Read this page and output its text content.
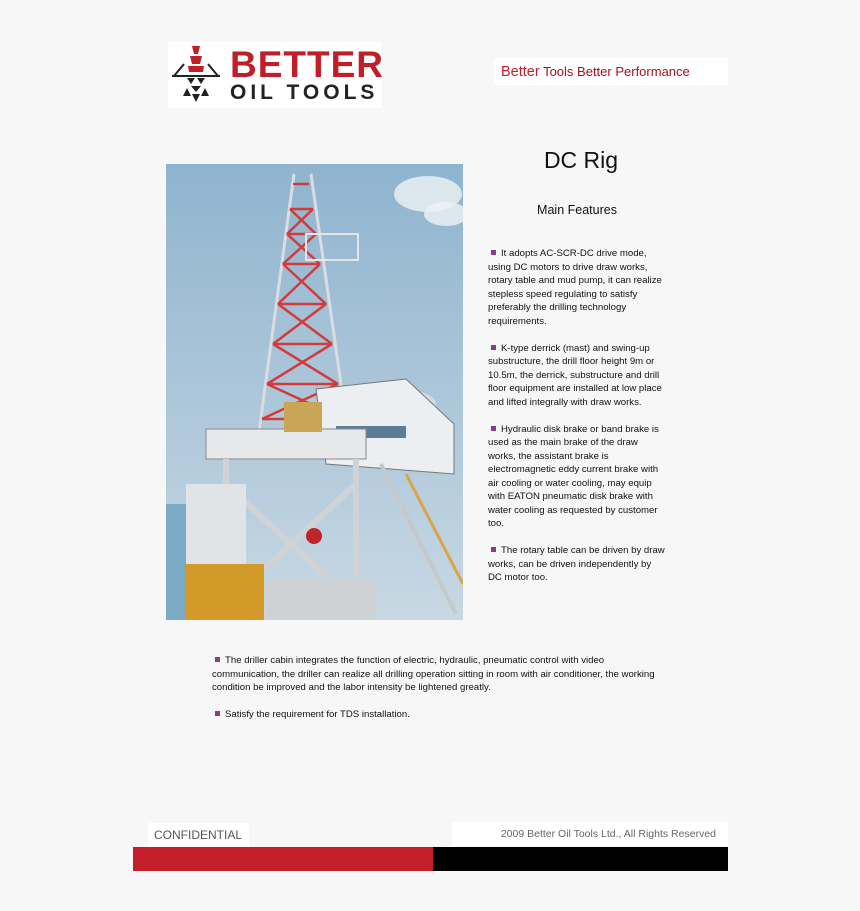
BETTER
OIL TOOLS
Better Tools Better Performance
DC Rig
Main Features

It adopts AC-SCR-DC drive mode, using DC motors to drive draw works, rotary table and mud pump, it can realize stepless speed regulating to satisfy preferably the drilling technology requirements.

K-type derrick (mast) and swing-up substructure, the drill floor height 9m or 10.5m, the derrick, substructure and drill floor equipment are installed at low place and lifted integrally with draw works.

Hydraulic disk brake or band brake is used as the main brake of the draw works, the assistant brake is electromagnetic eddy current brake with air cooling or water cooling, may equip with EATON pneumatic disk brake with water cooling as requested by customer too.

The rotary table can be driven by draw works, can be driven independently by DC motor too.

The driller cabin integrates the function of electric, hydraulic, pneumatic control with video communication, the driller can realize all drilling operation sitting in room with air conditioner, the working condition be improved and the labor intensity be lightened greatly.

Satisfy the requirement for TDS installation.

CONFIDENTIAL	2009 Better Oil Tools Ltd., All Rights Reserved
